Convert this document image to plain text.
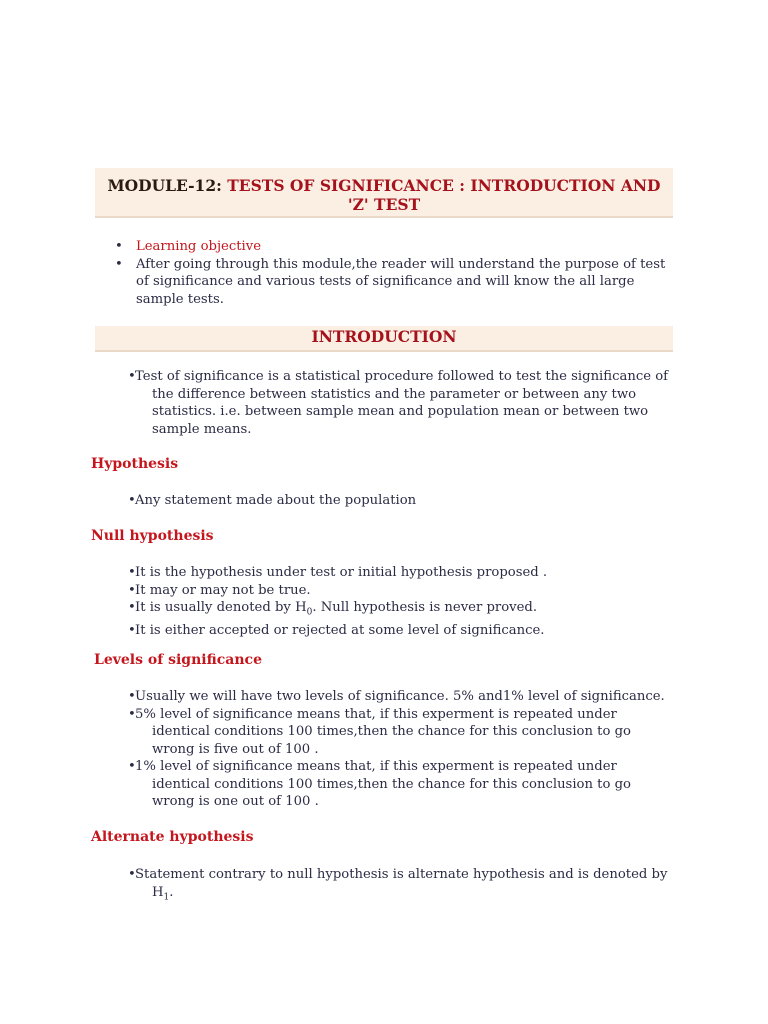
MODULE-12: TESTS OF SIGNIFICANCE : INTRODUCTION AND
'Z' TEST
• Learning objective
• After going through this module,the reader will understand the purpose of test of significance and various tests of significance and will know the all large sample tests.
INTRODUCTION
•Test of significance is a statistical procedure followed to test the significance of the difference between statistics and the parameter or between any two statistics. i.e. between sample mean and population mean or between two sample means.
Hypothesis
•Any statement made about the population
Null hypothesis
•It is the hypothesis under test or initial hypothesis proposed .
•It may or may not be true.
•It is usually denoted by $H_0$. Null hypothesis is never proved.
•It is either accepted or rejected at some level of significance.
Levels of significance
•Usually we will have two levels of significance. 5% and1% level of significance.
•5% level of significance means that, if this experment is repeated under identical conditions 100 times,then the chance for this conclusion to go wrong is five out of 100 .
•1% level of significance means that, if this experment is repeated under identical conditions 100 times,then the chance for this conclusion to go wrong is one out of 100 .
Alternate hypothesis
•Statement contrary to null hypothesis is alternate hypothesis and is denoted by $H_1$.
